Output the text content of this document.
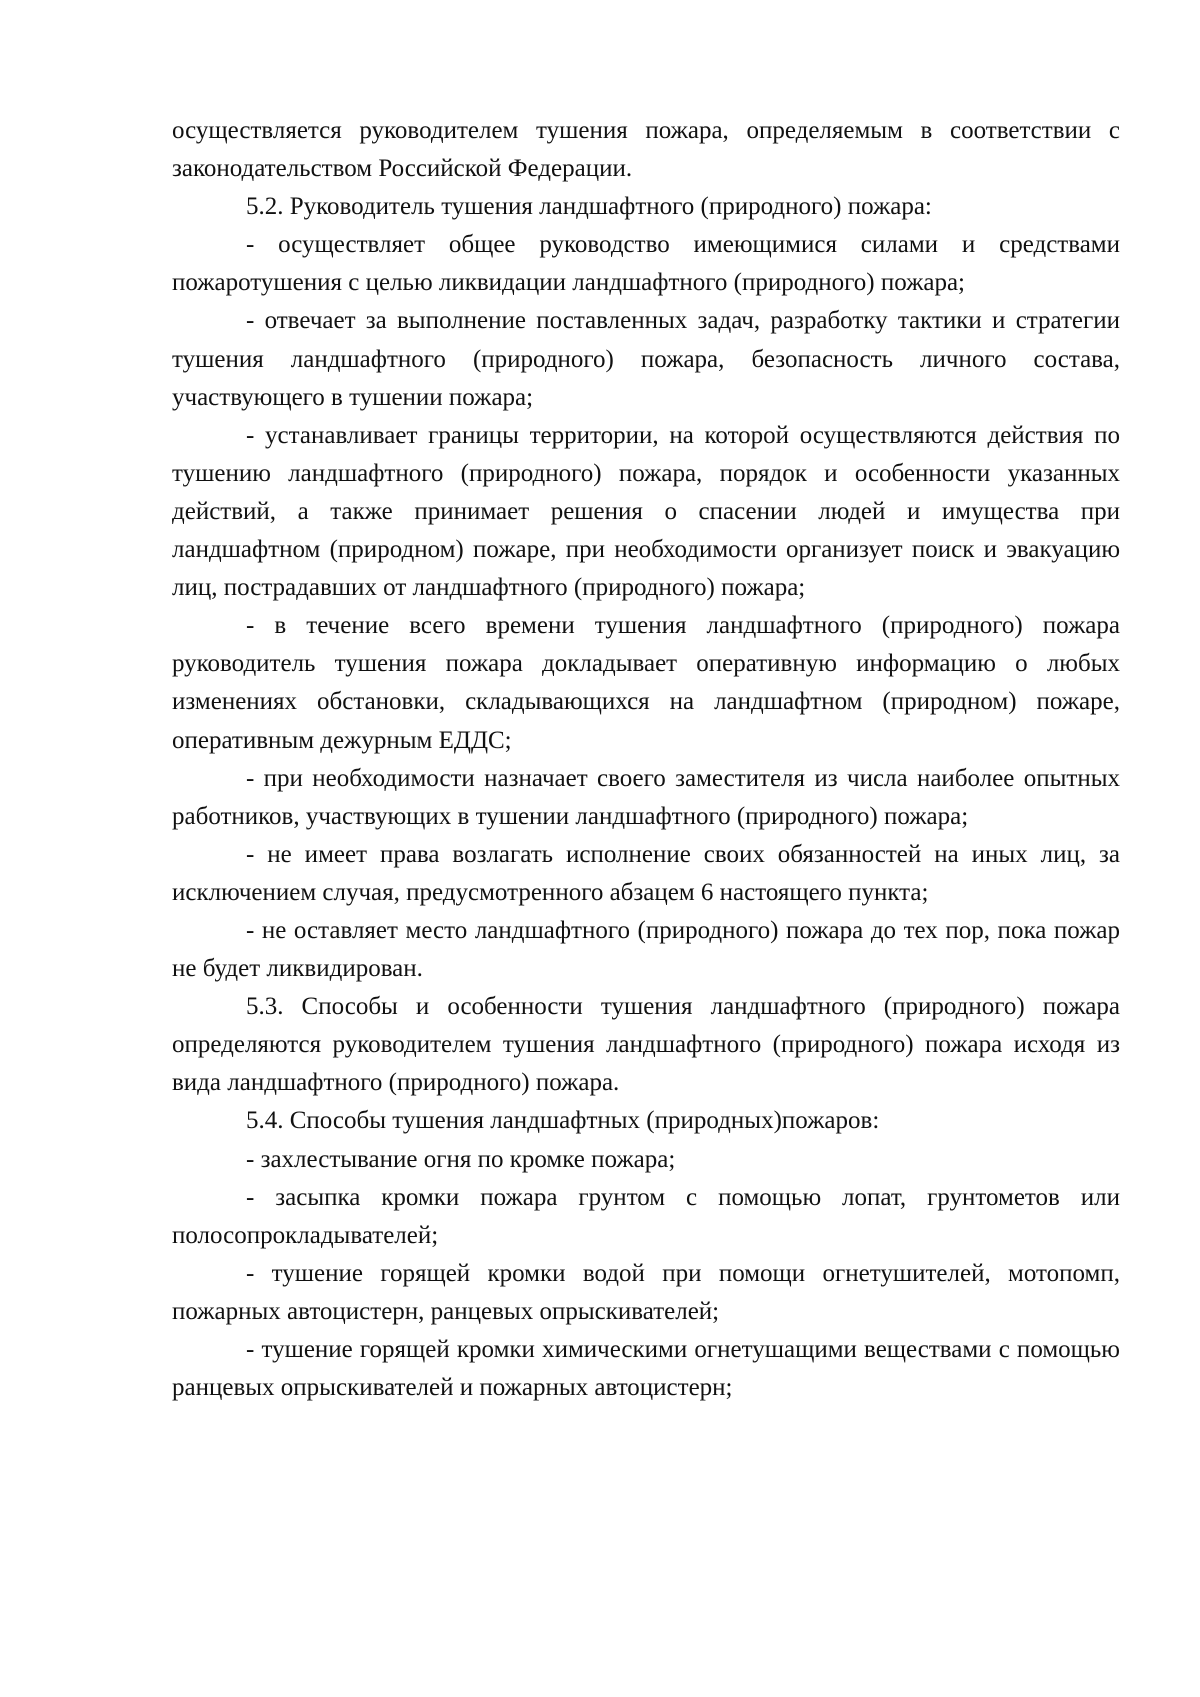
осуществляется руководителем тушения пожара, определяемым в соответствии с законодательством Российской Федерации.

5.2. Руководитель тушения ландшафтного (природного) пожара:

- осуществляет общее руководство имеющимися силами и средствами пожаротушения с целью ликвидации ландшафтного (природного) пожара;

- отвечает за выполнение поставленных задач, разработку тактики и стратегии тушения ландшафтного (природного) пожара, безопасность личного состава, участвующего в тушении пожара;

- устанавливает границы территории, на которой осуществляются действия по тушению ландшафтного (природного) пожара, порядок и особенности указанных действий, а также принимает решения о спасении людей и имущества при ландшафтном (природном) пожаре, при необходимости организует поиск и эвакуацию лиц, пострадавших от ландшафтного (природного) пожара;

- в течение всего времени тушения ландшафтного (природного) пожара руководитель тушения пожара докладывает оперативную информацию о любых изменениях обстановки, складывающихся на ландшафтном (природном) пожаре, оперативным дежурным ЕДДС;

- при необходимости назначает своего заместителя из числа наиболее опытных работников, участвующих в тушении ландшафтного (природного) пожара;

- не имеет права возлагать исполнение своих обязанностей на иных лиц, за исключением случая, предусмотренного абзацем 6 настоящего пункта;

- не оставляет место ландшафтного (природного) пожара до тех пор, пока пожар не будет ликвидирован.

5.3. Способы и особенности тушения ландшафтного (природного) пожара определяются руководителем тушения ландшафтного (природного) пожара исходя из вида ландшафтного (природного) пожара.

5.4. Способы тушения ландшафтных (природных)пожаров:

- захлестывание огня по кромке пожара;

- засыпка кромки пожара грунтом с помощью лопат, грунтометов или полосопрокладывателей;

- тушение горящей кромки водой при помощи огнетушителей, мотопомп, пожарных автоцистерн, ранцевых опрыскивателей;

- тушение горящей кромки химическими огнетушащими веществами с помощью ранцевых опрыскивателей и пожарных автоцистерн;
